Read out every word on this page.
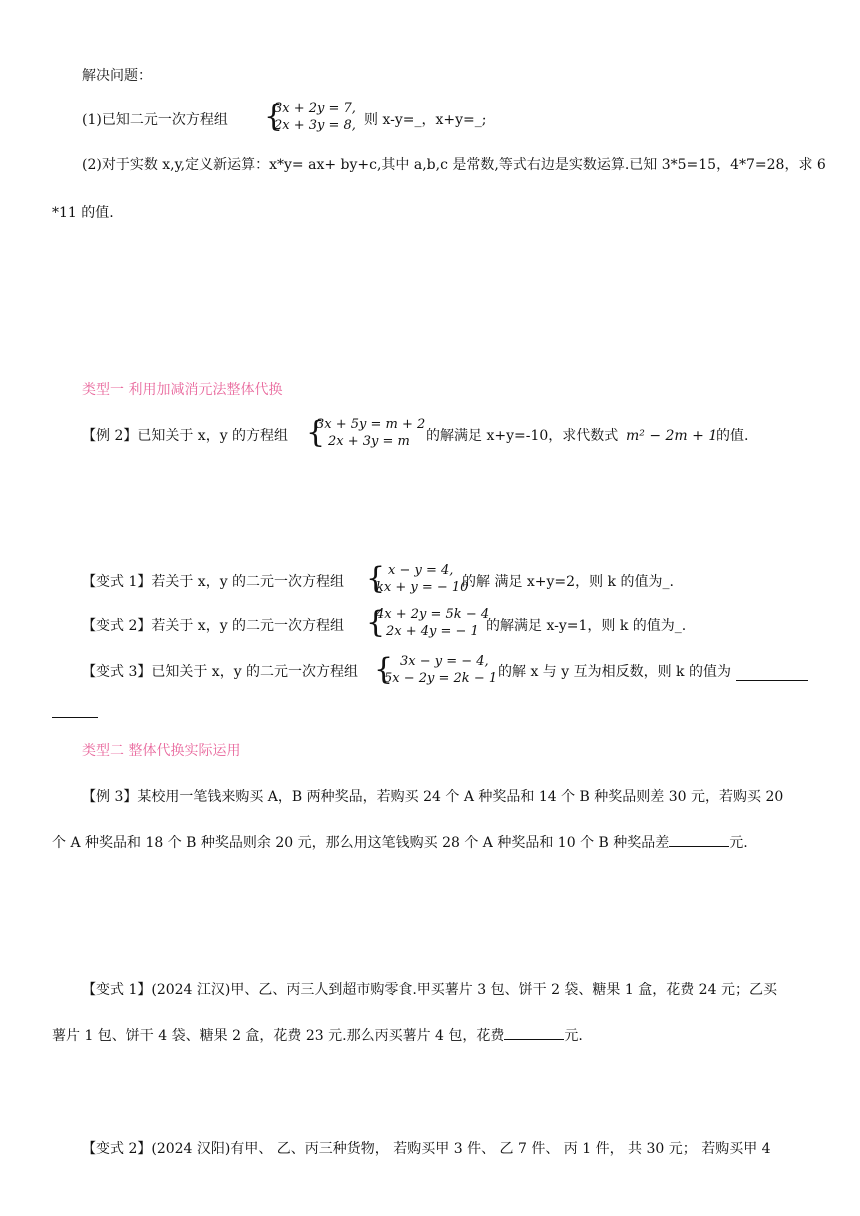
解决问题：
(1)已知二元一次方程组 {
3x + 2y = 7,
2x + 3y = 8, 则 x-y=_，x+y=_;
(2)对于实数 x,y,定义新运算：x*y= ax+ by+c,其中 a,b,c 是常数,等式右边是实数运算.已知 3*5=15，4*7=28，求 6
*11 的值.
类型一 利用加减消元法整体代换
【例 2】已知关于 x，y 的方程组 {
3x + 5y = m + 2
2x + 3y = m 的解满足 x+y=-10，求代数式 m² − 2m + 1
的值.
【变式 1】若关于 x，y 的二元一次方程组 { x − y = 4,
kx + y = − 10
的解 满足 x+y=2，则 k 的值为_.
【变式 2】若关于 x，y 的二元一次方程组 {
4x + 2y = 5k − 4
2x + 4y = − 1 的解满足 x-y=1，则 k 的值为_.
【变式 3】已知关于 x，y 的二元一次方程组 { 3x − y = − 4,
5x − 2y = 2k − 1 的解 x 与 y 互为相反数，则 k 的值为
类型二 整体代换实际运用
【例 3】某校用一笔钱来购买 A，B 两种奖品，若购买 24 个 A 种奖品和 14 个 B 种奖品则差 30 元，若购买 20
个 A 种奖品和 18 个 B 种奖品则余 20 元，那么用这笔钱购买 28 个 A 种奖品和 10 个 B 种奖品差	元.
【变式 1】(2024 江汉)甲、乙、丙三人到超市购零食.甲买薯片 3 包、饼干 2 袋、糖果 1 盒，花费 24 元；乙买
薯片 1 包、饼干 4 袋、糖果 2 盒，花费 23 元.那么丙买薯片 4 包，花费	元.
【变式 2】(2024 汉阳)有甲、 乙、丙三种货物， 若购买甲 3 件、 乙 7 件、 丙 1 件， 共 30 元； 若购买甲 4
